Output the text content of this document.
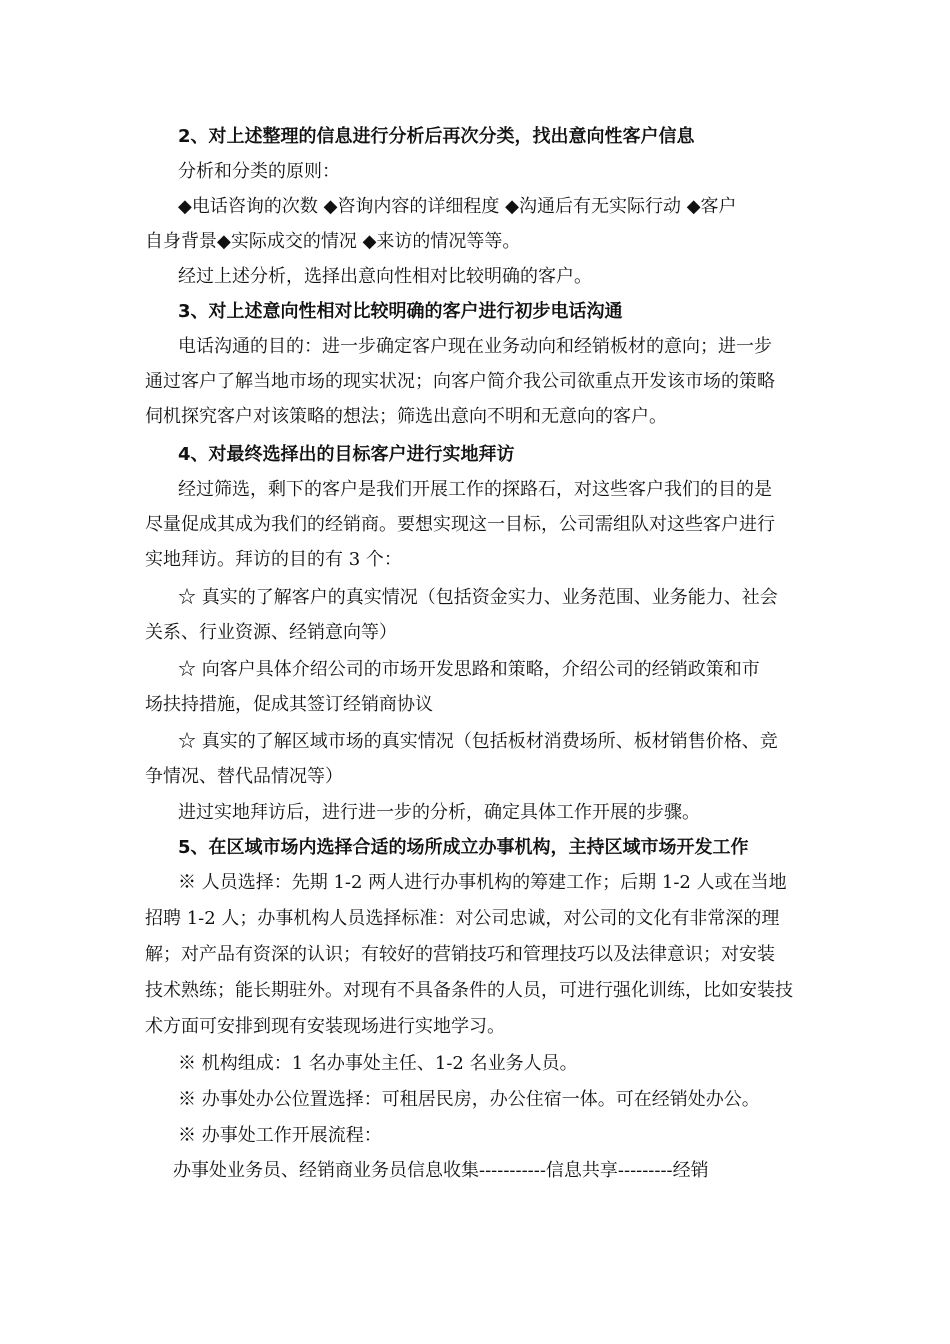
2、对上述整理的信息进行分析后再次分类，找出意向性客户信息
分析和分类的原则：
◆电话咨询的次数 ◆咨询内容的详细程度 ◆沟通后有无实际行动 ◆客户
自身背景◆实际成交的情况 ◆来访的情况等等。
经过上述分析，选择出意向性相对比较明确的客户。
3、对上述意向性相对比较明确的客户进行初步电话沟通
电话沟通的目的：进一步确定客户现在业务动向和经销板材的意向；进一步
通过客户了解当地市场的现实状况；向客户简介我公司欲重点开发该市场的策略
伺机探究客户对该策略的想法；筛选出意向不明和无意向的客户。
4、对最终选择出的目标客户进行实地拜访
经过筛选，剩下的客户是我们开展工作的探路石，对这些客户我们的目的是
尽量促成其成为我们的经销商。要想实现这一目标，公司需组队对这些客户进行
实地拜访。拜访的目的有 3 个：
☆ 真实的了解客户的真实情况（包括资金实力、业务范围、业务能力、社会
关系、行业资源、经销意向等）
☆ 向客户具体介绍公司的市场开发思路和策略，介绍公司的经销政策和市
场扶持措施，促成其签订经销商协议
☆ 真实的了解区域市场的真实情况（包括板材消费场所、板材销售价格、竞
争情况、替代品情况等）
进过实地拜访后，进行进一步的分析，确定具体工作开展的步骤。
5、在区域市场内选择合适的场所成立办事机构，主持区域市场开发工作
※ 人员选择：先期 1-2 两人进行办事机构的筹建工作；后期 1-2 人或在当地
招聘 1-2 人；办事机构人员选择标准：对公司忠诚，对公司的文化有非常深的理
解；对产品有资深的认识；有较好的营销技巧和管理技巧以及法律意识；对安装
技术熟练；能长期驻外。对现有不具备条件的人员，可进行强化训练，比如安装技
术方面可安排到现有安装现场进行实地学习。
※ 机构组成：1 名办事处主任、1-2 名业务人员。
※ 办事处办公位置选择：可租居民房，办公住宿一体。可在经销处办公。
※ 办事处工作开展流程：
办事处业务员、经销商业务员信息收集-----------信息共享---------经销
